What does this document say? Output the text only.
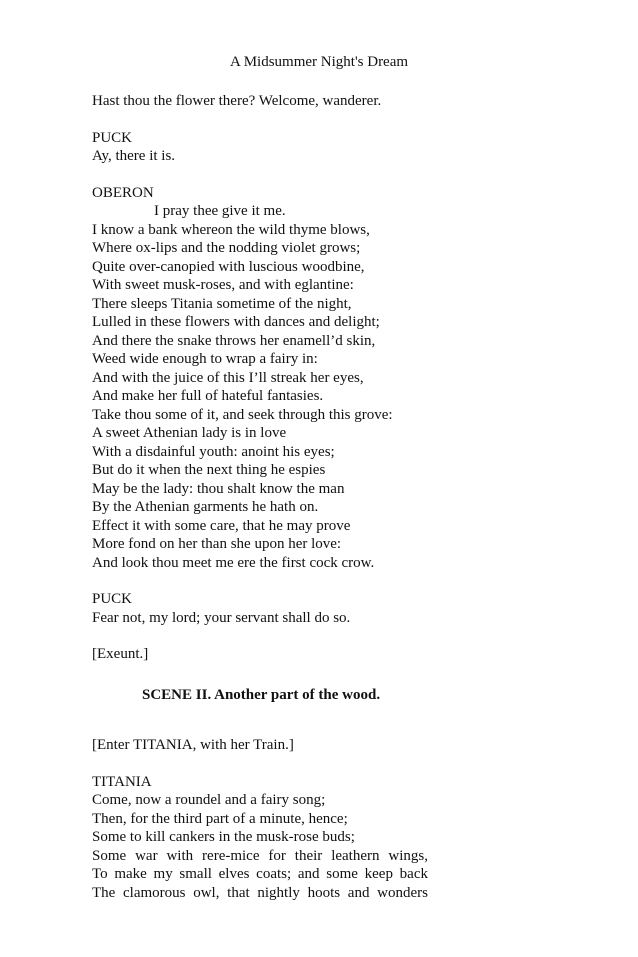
A Midsummer Night's Dream
Hast thou the flower there? Welcome, wanderer.
PUCK
Ay, there it is.
OBERON
I pray thee give it me.
I know a bank whereon the wild thyme blows,
Where ox-lips and the nodding violet grows;
Quite over-canopied with luscious woodbine,
With sweet musk-roses, and with eglantine:
There sleeps Titania sometime of the night,
Lulled in these flowers with dances and delight;
And there the snake throws her enamell’d skin,
Weed wide enough to wrap a fairy in:
And with the juice of this I’ll streak her eyes,
And make her full of hateful fantasies.
Take thou some of it, and seek through this grove:
A sweet Athenian lady is in love
With a disdainful youth: anoint his eyes;
But do it when the next thing he espies
May be the lady: thou shalt know the man
By the Athenian garments he hath on.
Effect it with some care, that he may prove
More fond on her than she upon her love:
And look thou meet me ere the first cock crow.
PUCK
Fear not, my lord; your servant shall do so.
[Exeunt.]
SCENE II. Another part of the wood.
[Enter TITANIA, with her Train.]
TITANIA
Come, now a roundel and a fairy song;
Then, for the third part of a minute, hence;
Some to kill cankers in the musk-rose buds;
Some war with rere-mice for their leathern wings,
To make my small elves coats; and some keep back
The clamorous owl, that nightly hoots and wonders
